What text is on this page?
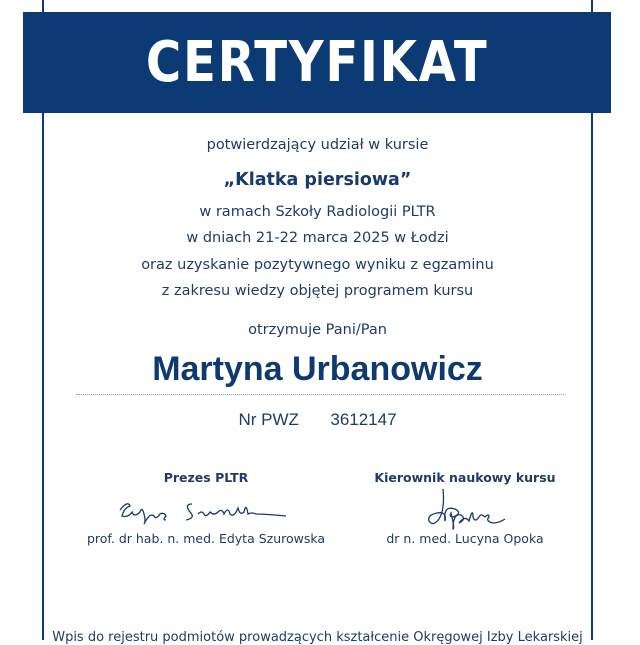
CERTYFIKAT
potwierdzający udział w kursie
„Klatka piersiowa”
w ramach Szkoły Radiologii PLTR
w dniach 21-22 marca 2025 w Łodzi
oraz uzyskanie pozytywnego wyniku z egzaminu
z zakresu wiedzy objętej programem kursu
otrzymuje Pani/Pan
Martyna Urbanowicz
Nr PWZ 3612147
Prezes PLTR
prof. dr hab. n. med. Edyta Szurowska
Kierownik naukowy kursu
dr n. med. Lucyna Opoka
Wpis do rejestru podmiotów prowadzących kształcenie Okręgowej Izby Lekarskiej
